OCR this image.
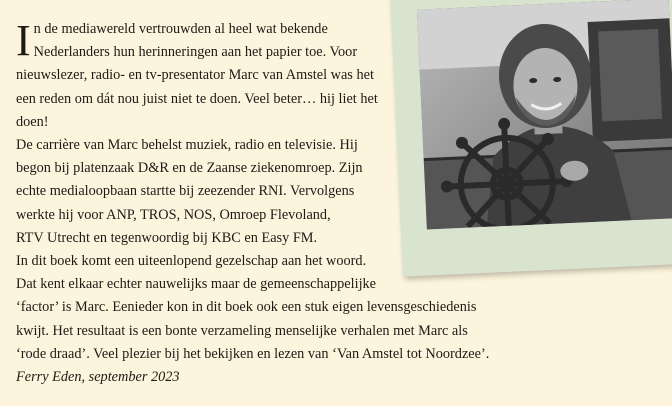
I n de mediawereld vertrouwden al heel wat bekende
Nederlanders hun herinneringen aan het papier toe. Voor
nieuwslezer, radio- en tv-presentator Marc van Amstel was het
een reden om dát nou juist niet te doen. Veel beter… hij liet het
doen!

De carrière van Marc behelst muziek, radio en televisie. Hij
begon bij platenzaak D&R en de Zaanse ziekenomroep. Zijn
echte medialoopbaan startte bij zeezender RNI. Vervolgens
werkte hij voor ANP, TROS, NOS, Omroep Flevoland,
RTV Utrecht en tegenwoordig bij KBC en Easy FM.

In dit boek komt een uiteenlopend gezelschap aan het woord.
Dat kent elkaar echter nauwelijks maar de gemeenschappelijke
‘factor’ is Marc. Eenieder kon in dit boek ook een stuk eigen levensgeschiedenis
kwijt. Het resultaat is een bonte verzameling menselijke verhalen met Marc als
‘rode draad’. Veel plezier bij het bekijken en lezen van ‘Van Amstel tot Noordzee’.

Ferry Eden, september 2023
